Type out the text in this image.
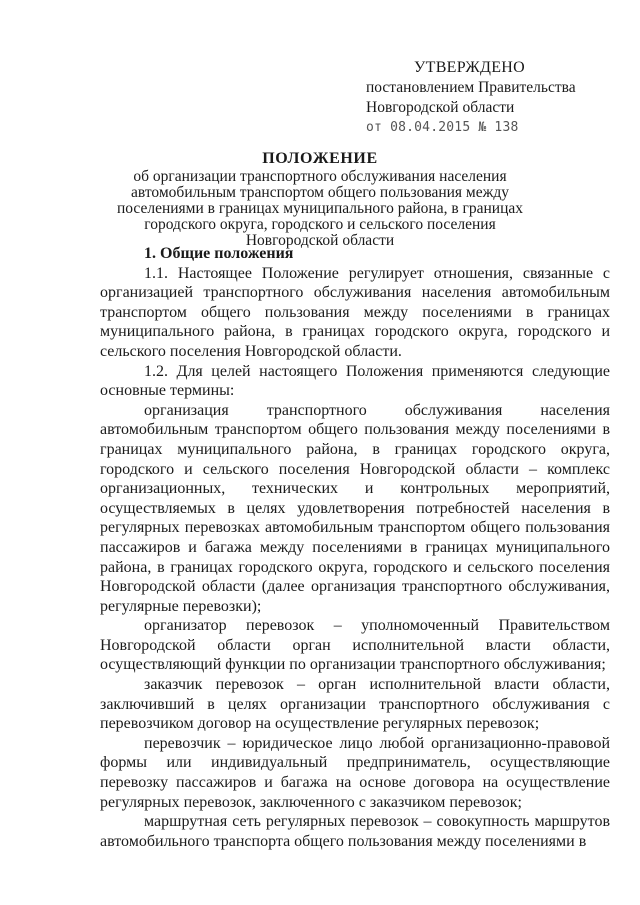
УТВЕРЖДЕНО
постановлением Правительства
Новгородской области
от 08.04.2015 № 138
ПОЛОЖЕНИЕ
об организации транспортного обслуживания населения автомобильным транспортом общего пользования между поселениями в границах муниципального района, в границах городского округа, городского и сельского поселения Новгородской области
1. Общие положения

1.1. Настоящее Положение регулирует отношения, связанные с организацией транспортного обслуживания населения автомобильным транспортом общего пользования между поселениями в границах муниципального района, в границах городского округа, городского и сельского поселения Новгородской области.

1.2. Для целей настоящего Положения применяются следующие основные термины:

организация транспортного обслуживания населения автомобильным транспортом общего пользования между поселениями в границах муниципального района, в границах городского округа, городского и сельского поселения Новгородской области – комплекс организационных, технических и контрольных мероприятий, осуществляемых в целях удовлетворения потребностей населения в регулярных перевозках автомобильным транспортом общего пользования пассажиров и багажа между поселениями в границах муниципального района, в границах городского округа, городского и сельского поселения Новгородской области (далее организация транспортного обслуживания, регулярные перевозки);

организатор перевозок – уполномоченный Правительством Новгородской области орган исполнительной власти области, осуществляющий функции по организации транспортного обслуживания;

заказчик перевозок – орган исполнительной власти области, заключивший в целях организации транспортного обслуживания с перевозчиком договор на осуществление регулярных перевозок;

перевозчик – юридическое лицо любой организационно-правовой формы или индивидуальный предприниматель, осуществляющие перевозку пассажиров и багажа на основе договора на осуществление регулярных перевозок, заключенного с заказчиком перевозок;

маршрутная сеть регулярных перевозок – совокупность маршрутов автомобильного транспорта общего пользования между поселениями в
